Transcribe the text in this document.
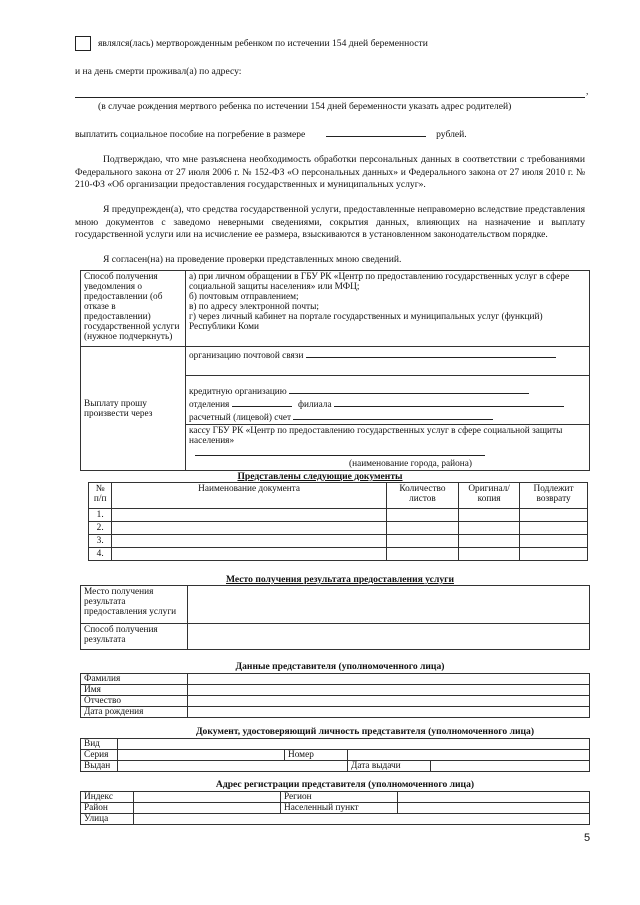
являлся(лась) мертворожденным ребенком по истечении 154 дней беременности
и на день смерти проживал(а) по адресу:
,
(в случае рождения мертвого ребенка по истечении 154 дней беременности указать адрес родителей)
выплатить социальное пособие на погребение в размере	рублей.

Подтверждаю, что мне разъяснена необходимость обработки персональных данных в соответствии с требованиями Федерального закона от 27 июля 2006 г. № 152-ФЗ «О персональных данных» и Федерального закона от 27 июля 2010 г. № 210-ФЗ «Об организации предоставления государственных и муниципальных услуг».

Я предупрежден(а), что средства государственной услуги, предоставленные неправомерно вследствие представления мною документов с заведомо неверными сведениями, сокрытия данных, влияющих на назначение и выплату государственной услуги или на исчисление ее размера, взыскиваются в установленном законодательством порядке.

Я согласен(на) на проведение проверки представленных мною сведений.

Способ получения уведомления о предоставлении (об отказе в предоставлении) государственной услуги (нужное подчеркнуть)	а) при личном обращении в ГБУ РК «Центр по предоставлению государственных услуг в сфере социальной защиты населения» или МФЦ;
б) почтовым отправлением;
в) по адресу электронной почты;
г) через личный кабинет на портале государственных и муниципальных услуг (функций) Республики Коми

Выплату прошу произвести через	организацию почтовой связи

	кредитную организацию
отделения филиала
расчетный (лицевой) счет

	кассу ГБУ РК «Центр по предоставлению государственных услуг в сфере социальной защиты населения»
(наименование города, района)
Представлены следующие документы
№ п/п	Наименование документа	Количество листов	Оригинал/копия	Подлежит возврату
1.				
2.				
3.				
4.				
Место получения результата предоставления услуги
Место получения результата предоставления услуги	
Способ получения результата	
Данные представителя (уполномоченного лица)
Фамилия	
Имя	
Отчество	
Дата рождения	
Документ, удостоверяющий личность представителя (уполномоченного лица)
Вид				
Серия		Номер		
Выдан			Дата выдачи	
Адрес регистрации представителя (уполномоченного лица)
Индекс		Регион	
Район		Населенный пункт	
Улица			
5
